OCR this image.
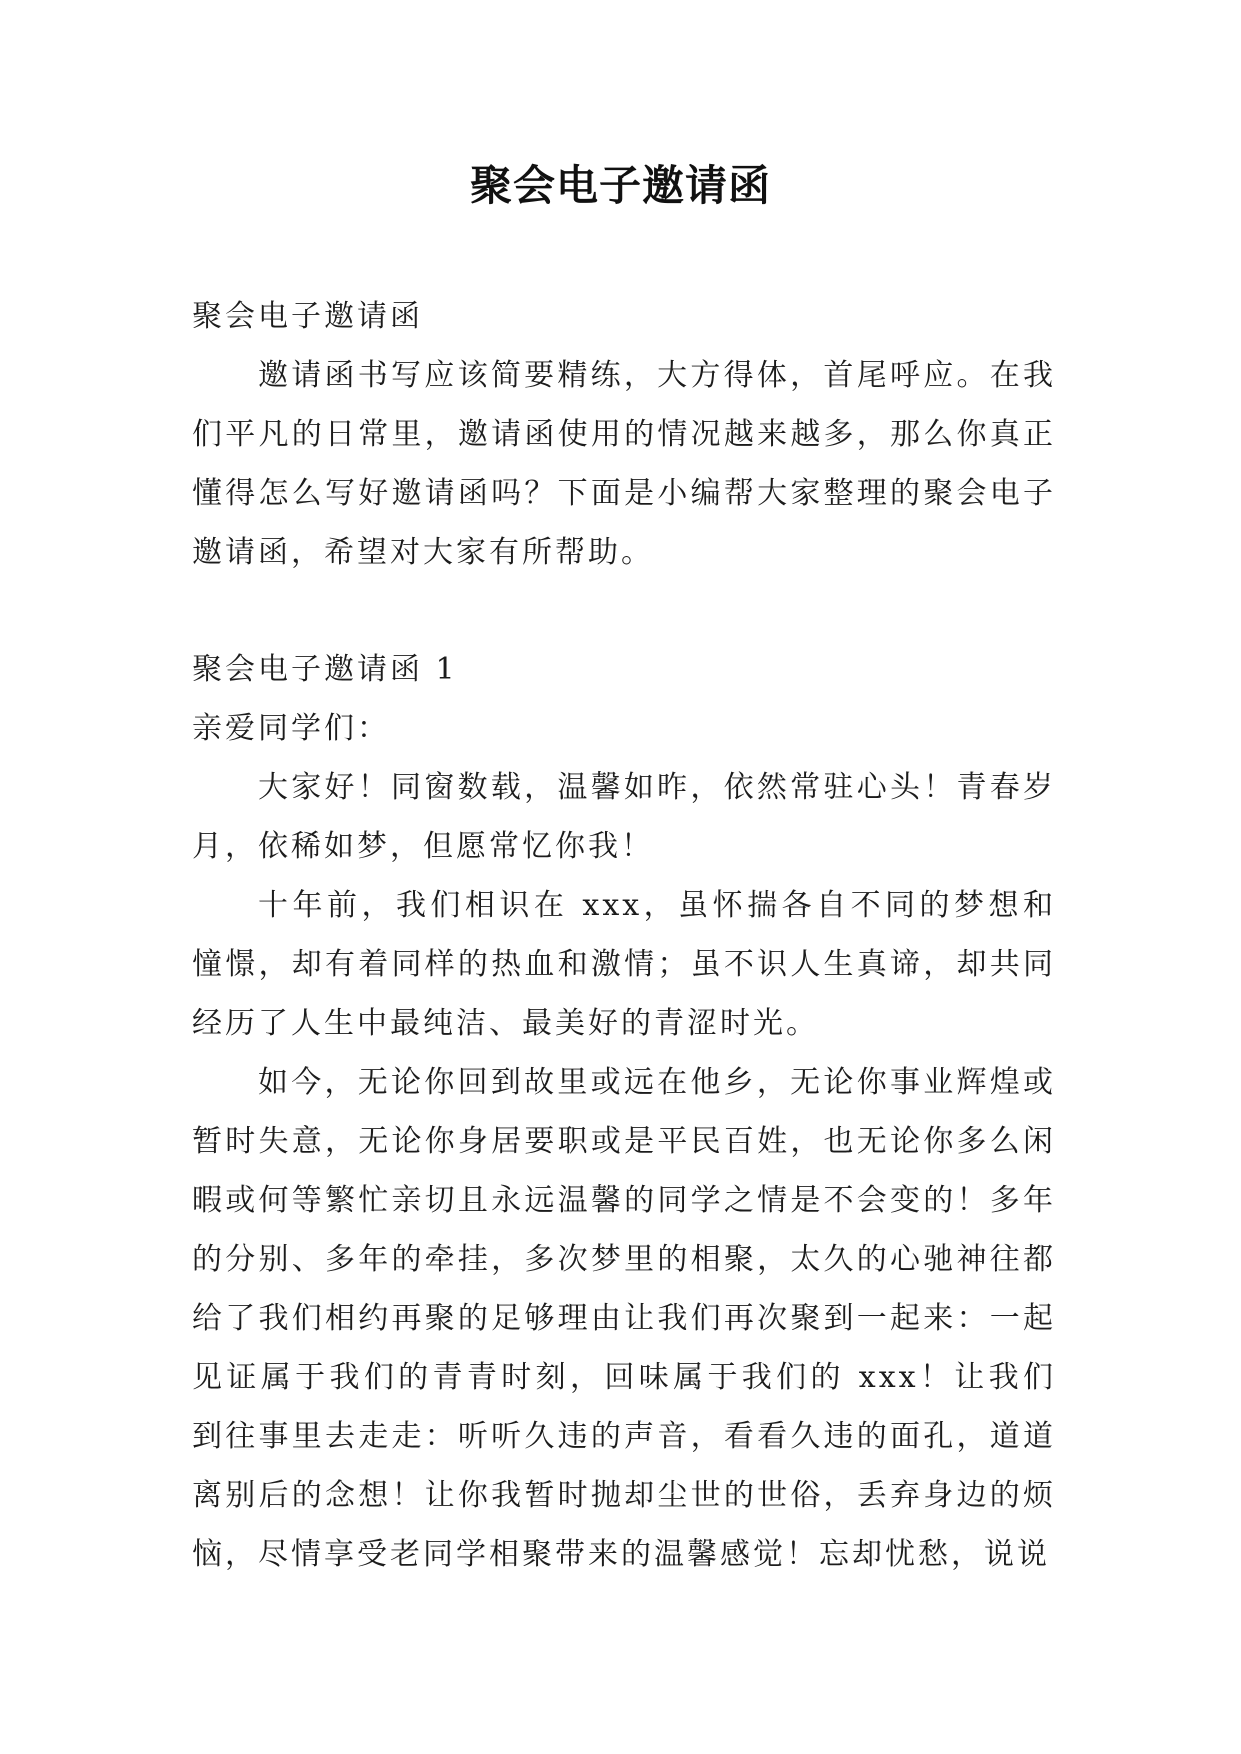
聚会电子邀请函

聚会电子邀请函

邀请函书写应该简要精练，大方得体，首尾呼应。在我们平凡的日常里，邀请函使用的情况越来越多，那么你真正懂得怎么写好邀请函吗？下面是小编帮大家整理的聚会电子邀请函，希望对大家有所帮助。

聚会电子邀请函 1

亲爱同学们：

大家好！同窗数载，温馨如昨，依然常驻心头！青春岁月，依稀如梦，但愿常忆你我！

十年前，我们相识在 xxx，虽怀揣各自不同的梦想和憧憬，却有着同样的热血和激情；虽不识人生真谛，却共同经历了人生中最纯洁、最美好的青涩时光。

如今，无论你回到故里或远在他乡，无论你事业辉煌或暂时失意，无论你身居要职或是平民百姓，也无论你多么闲暇或何等繁忙亲切且永远温馨的同学之情是不会变的！多年的分别、多年的牵挂，多次梦里的相聚，太久的心驰神往都给了我们相约再聚的足够理由让我们再次聚到一起来：一起见证属于我们的青青时刻，回味属于我们的 xxx！让我们到往事里去走走：听听久违的声音，看看久违的面孔，道道离别后的念想！让你我暂时抛却尘世的世俗，丢弃身边的烦恼，尽情享受老同学相聚带来的温馨感觉！忘却忧愁，说说
